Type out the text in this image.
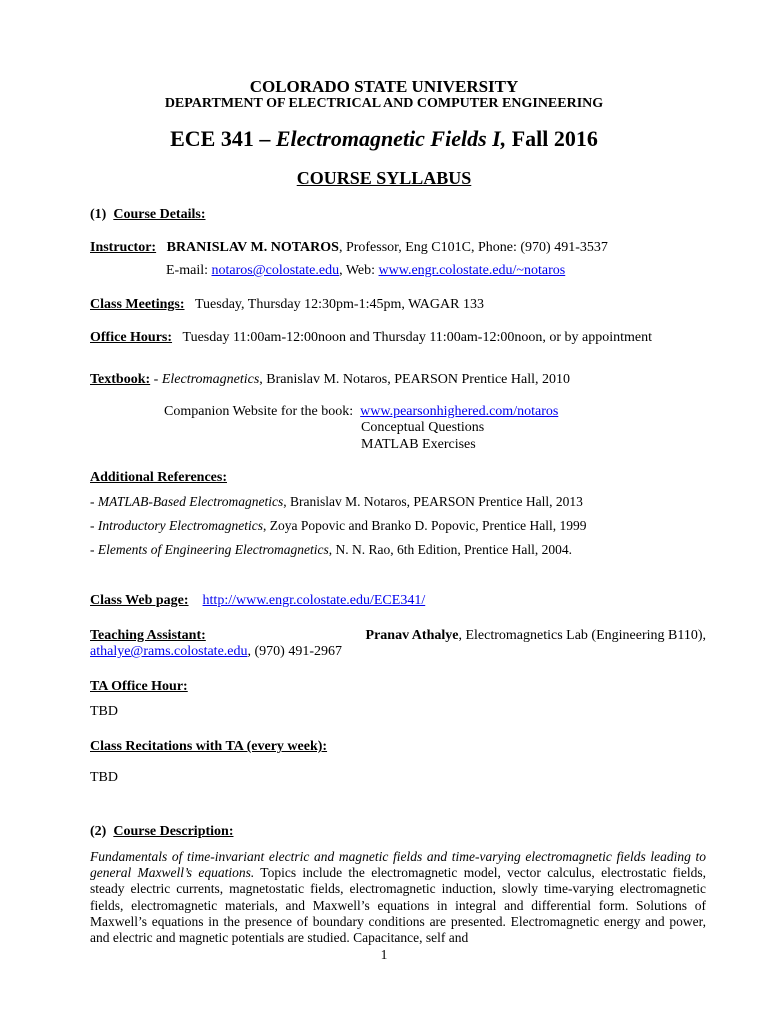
COLORADO STATE UNIVERSITY
DEPARTMENT OF ELECTRICAL AND COMPUTER ENGINEERING
ECE 341 – Electromagnetic Fields I, Fall 2016
COURSE SYLLABUS
(1) Course Details:
Instructor: BRANISLAV M. NOTAROS, Professor, Eng C101C, Phone: (970) 491-3537
E-mail: notaros@colostate.edu, Web: www.engr.colostate.edu/~notaros
Class Meetings: Tuesday, Thursday 12:30pm-1:45pm, WAGAR 133
Office Hours: Tuesday 11:00am-12:00noon and Thursday 11:00am-12:00noon, or by appointment
Textbook: - Electromagnetics, Branislav M. Notaros, PEARSON Prentice Hall, 2010
Companion Website for the book: www.pearsonhighered.com/notaros
Conceptual Questions
MATLAB Exercises
Additional References:
- MATLAB-Based Electromagnetics, Branislav M. Notaros, PEARSON Prentice Hall, 2013
- Introductory Electromagnetics, Zoya Popovic and Branko D. Popovic, Prentice Hall, 1999
- Elements of Engineering Electromagnetics, N. N. Rao, 6th Edition, Prentice Hall, 2004.
Class Web page: http://www.engr.colostate.edu/ECE341/
Teaching Assistant:	Pranav Athalye, Electromagnetics Lab (Engineering B110),
athalye@rams.colostate.edu, (970) 491-2967
TA Office Hour:
TBD
Class Recitations with TA (every week):
TBD
(2) Course Description:
Fundamentals of time-invariant electric and magnetic fields and time-varying electromagnetic fields leading to general Maxwell’s equations. Topics include the electromagnetic model, vector calculus, electrostatic fields, steady electric currents, magnetostatic fields, electromagnetic induction, slowly time-varying electromagnetic fields, electromagnetic materials, and Maxwell’s equations in integral and differential form. Solutions of Maxwell’s equations in the presence of boundary conditions are presented. Electromagnetic energy and power, and electric and magnetic potentials are studied. Capacitance, self and
1
